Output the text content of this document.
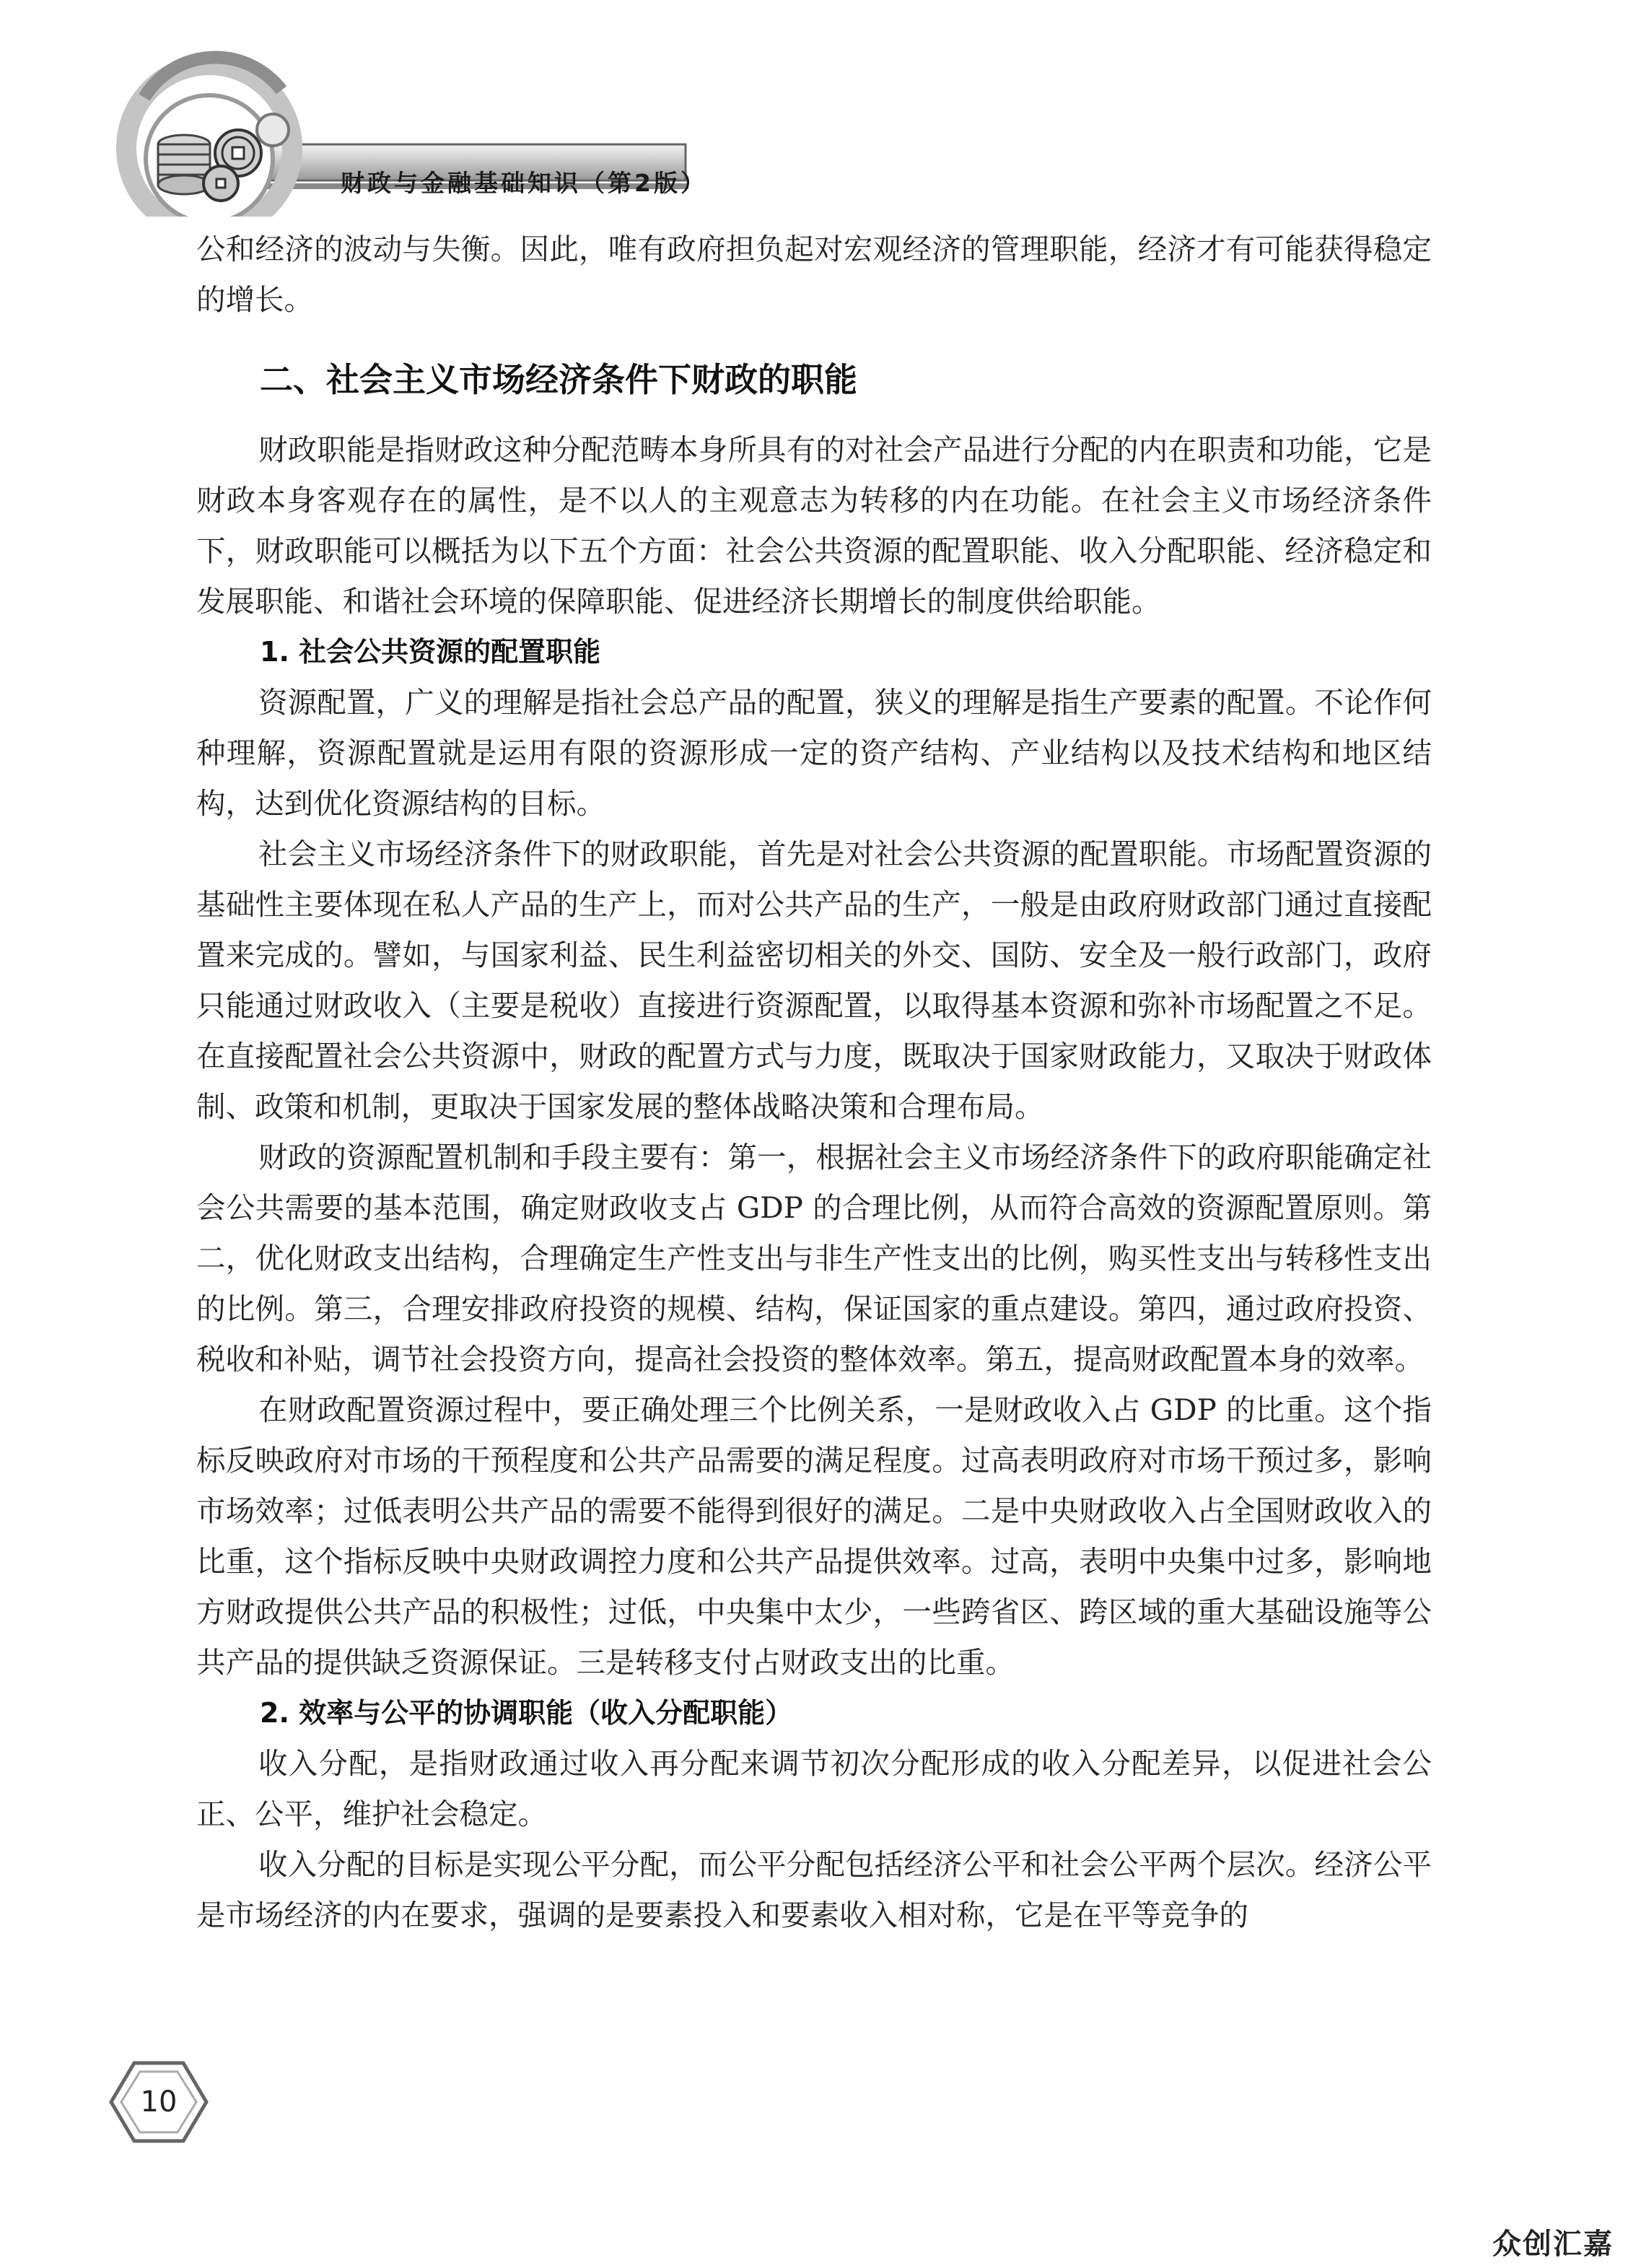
财政与金融基础知识（第2版）

公和经济的波动与失衡。因此，唯有政府担负起对宏观经济的管理职能，经济才有可能获得稳定的增长。

二、社会主义市场经济条件下财政的职能

财政职能是指财政这种分配范畴本身所具有的对社会产品进行分配的内在职责和功能，它是财政本身客观存在的属性，是不以人的主观意志为转移的内在功能。在社会主义市场经济条件下，财政职能可以概括为以下五个方面：社会公共资源的配置职能、收入分配职能、经济稳定和发展职能、和谐社会环境的保障职能、促进经济长期增长的制度供给职能。

1. 社会公共资源的配置职能

资源配置，广义的理解是指社会总产品的配置，狭义的理解是指生产要素的配置。不论作何种理解，资源配置就是运用有限的资源形成一定的资产结构、产业结构以及技术结构和地区结构，达到优化资源结构的目标。

社会主义市场经济条件下的财政职能，首先是对社会公共资源的配置职能。市场配置资源的基础性主要体现在私人产品的生产上，而对公共产品的生产，一般是由政府财政部门通过直接配置来完成的。譬如，与国家利益、民生利益密切相关的外交、国防、安全及一般行政部门，政府只能通过财政收入（主要是税收）直接进行资源配置，以取得基本资源和弥补市场配置之不足。在直接配置社会公共资源中，财政的配置方式与力度，既取决于国家财政能力，又取决于财政体制、政策和机制，更取决于国家发展的整体战略决策和合理布局。

财政的资源配置机制和手段主要有：第一，根据社会主义市场经济条件下的政府职能确定社会公共需要的基本范围，确定财政收支占 GDP 的合理比例，从而符合高效的资源配置原则。第二，优化财政支出结构，合理确定生产性支出与非生产性支出的比例，购买性支出与转移性支出的比例。第三，合理安排政府投资的规模、结构，保证国家的重点建设。第四，通过政府投资、税收和补贴，调节社会投资方向，提高社会投资的整体效率。第五，提高财政配置本身的效率。

在财政配置资源过程中，要正确处理三个比例关系，一是财政收入占 GDP 的比重。这个指标反映政府对市场的干预程度和公共产品需要的满足程度。过高表明政府对市场干预过多，影响市场效率；过低表明公共产品的需要不能得到很好的满足。二是中央财政收入占全国财政收入的比重，这个指标反映中央财政调控力度和公共产品提供效率。过高，表明中央集中过多，影响地方财政提供公共产品的积极性；过低，中央集中太少，一些跨省区、跨区域的重大基础设施等公共产品的提供缺乏资源保证。三是转移支付占财政支出的比重。

2. 效率与公平的协调职能（收入分配职能）

收入分配，是指财政通过收入再分配来调节初次分配形成的收入分配差异，以促进社会公正、公平，维护社会稳定。

收入分配的目标是实现公平分配，而公平分配包括经济公平和社会公平两个层次。经济公平是市场经济的内在要求，强调的是要素投入和要素收入相对称，它是在平等竞争的

10
众创汇嘉
